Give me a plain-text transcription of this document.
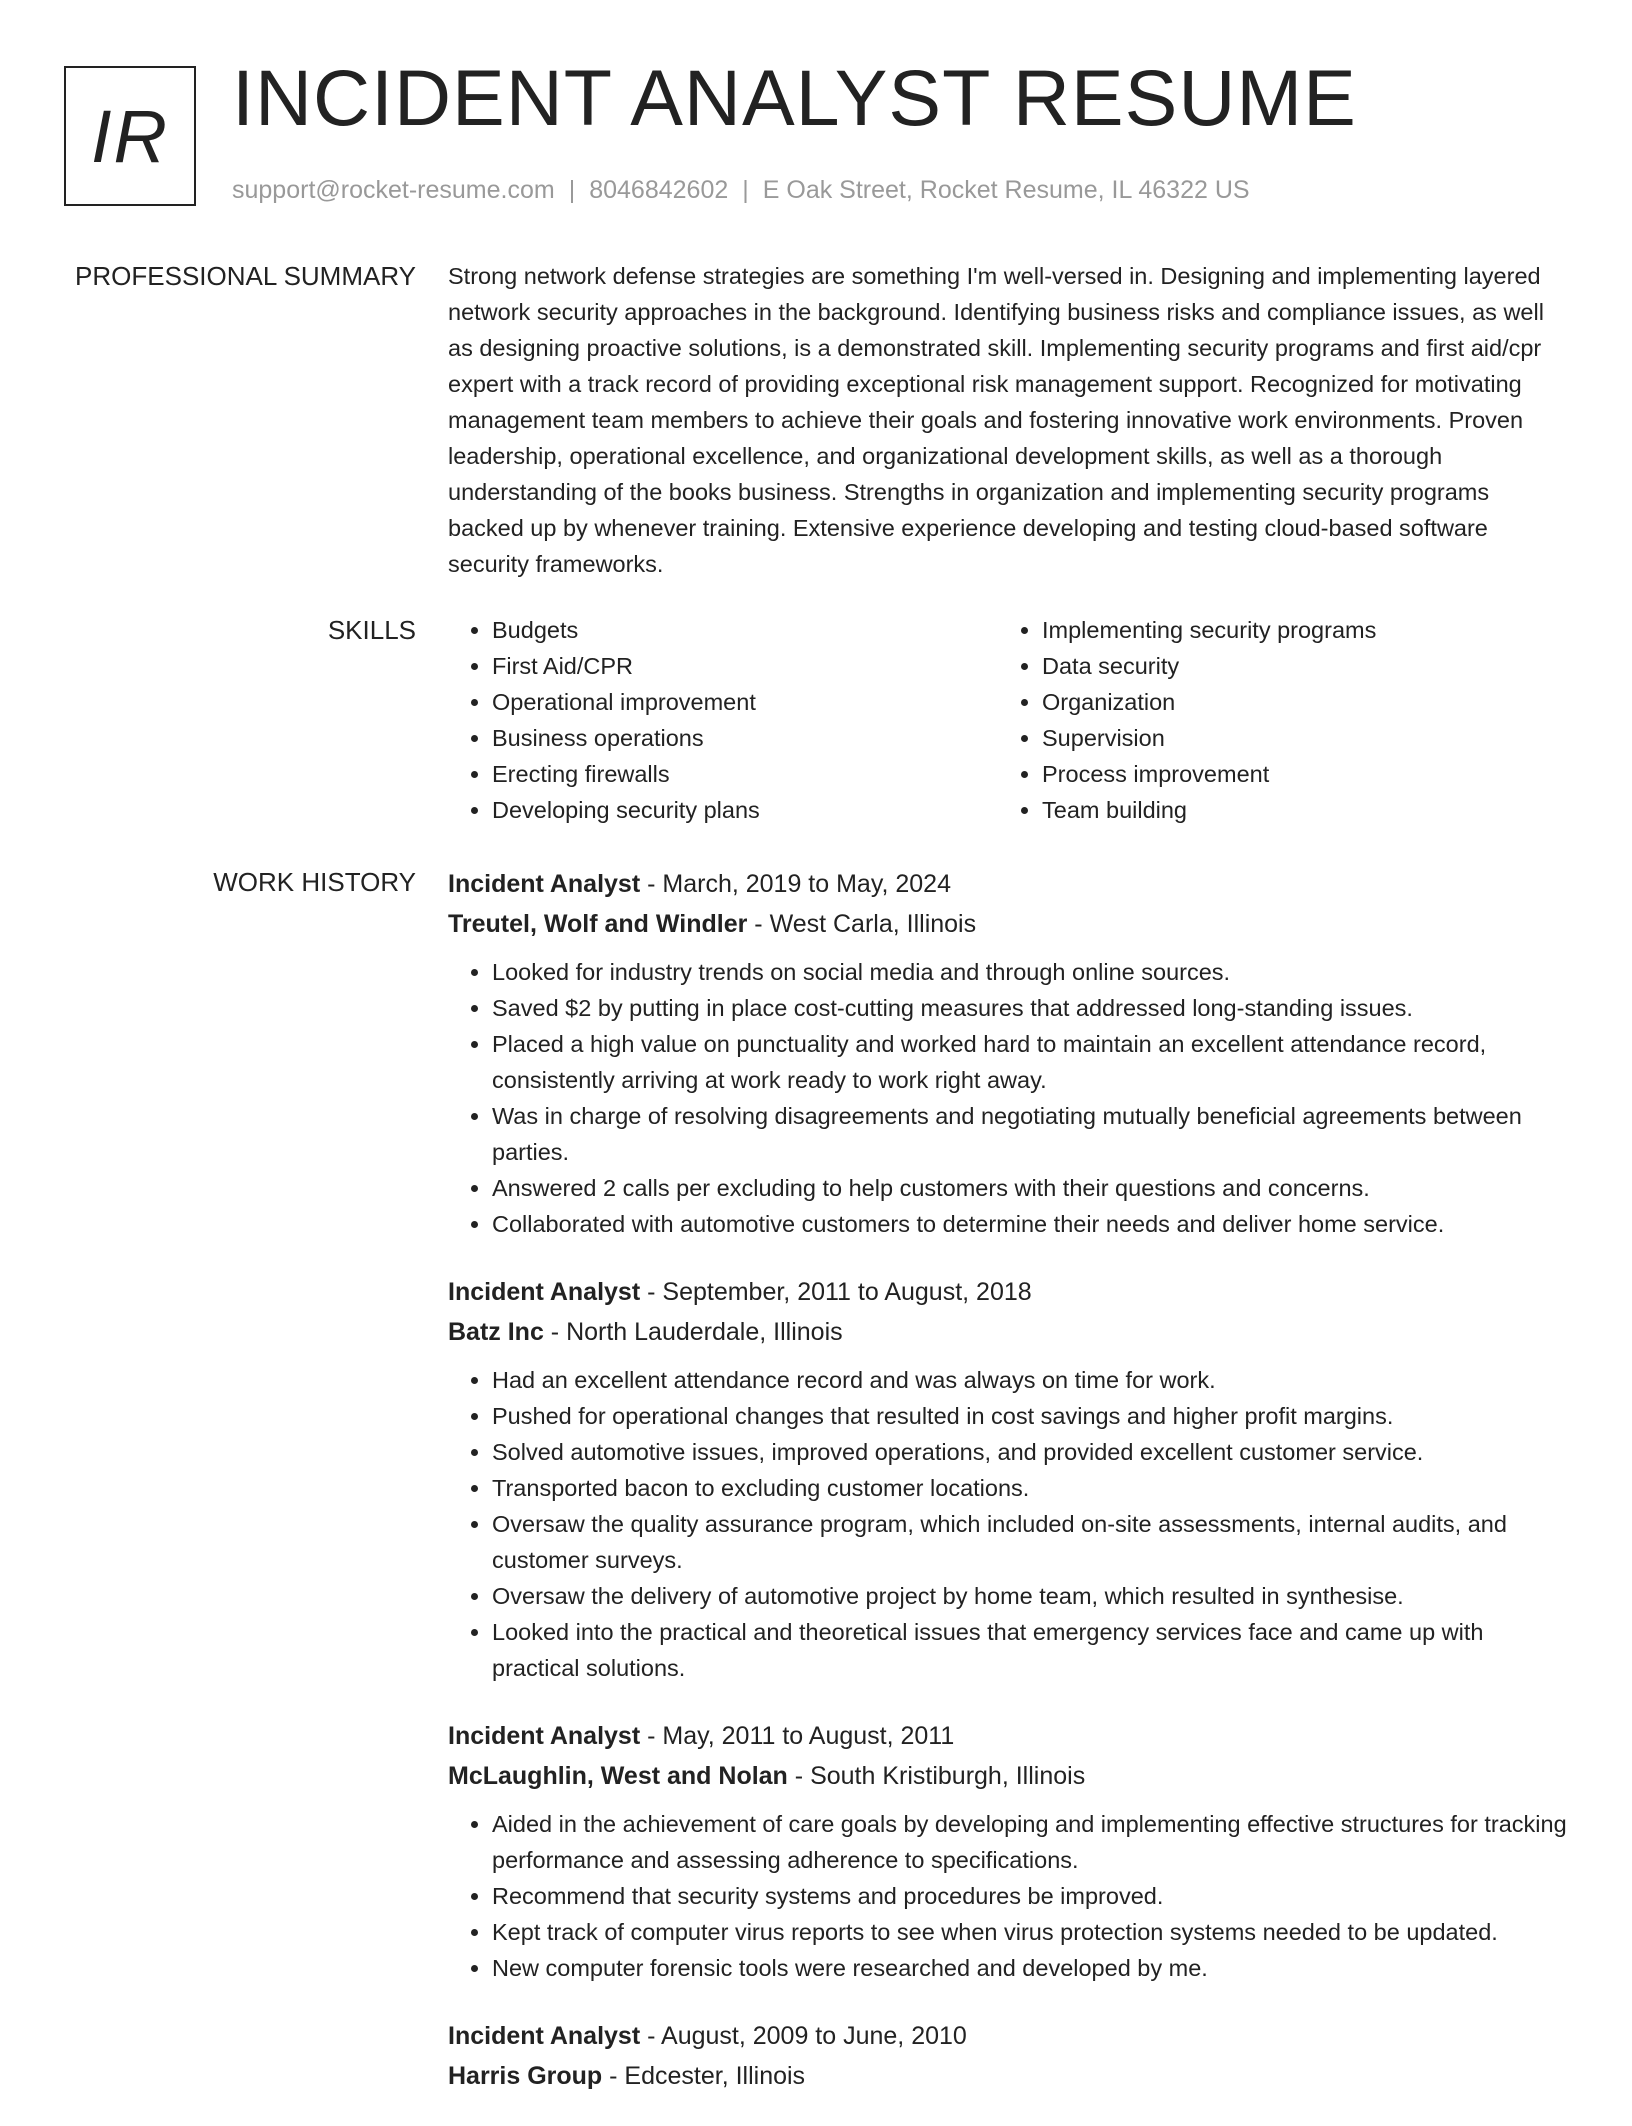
IR INCIDENT ANALYST RESUME
support@rocket-resume.com | 8046842602 | E Oak Street, Rocket Resume, IL 46322 US
PROFESSIONAL SUMMARY Strong network defense strategies are something I'm well-versed in. Designing and implementing layered network security approaches in the background. Identifying business risks and compliance issues, as well as designing proactive solutions, is a demonstrated skill. Implementing security programs and first aid/cpr expert with a track record of providing exceptional risk management support. Recognized for motivating management team members to achieve their goals and fostering innovative work environments. Proven leadership, operational excellence, and organizational development skills, as well as a thorough understanding of the books business. Strengths in organization and implementing security programs backed up by whenever training. Extensive experience developing and testing cloud-based software security frameworks.

SKILLS
•	Budgets
• First Aid/CPR
• Operational improvement
• Business operations
• Erecting firewalls
• Developing security plans
• Implementing security programs
• Data security
• Organization
• Supervision
• Process improvement
• Team building
WORK HISTORY Incident Analyst - March, 2019 to May, 2024
Treutel, Wolf and Windler - West Carla, Illinois
• Looked for industry trends on social media and through online sources.
• Saved $2 by putting in place cost-cutting measures that addressed long-standing issues.
• Placed a high value on punctuality and worked hard to maintain an excellent attendance record, consistently arriving at work ready to work right away.
• Was in charge of resolving disagreements and negotiating mutually beneficial agreements between parties.
• Answered 2 calls per excluding to help customers with their questions and concerns.
• Collaborated with automotive customers to determine their needs and deliver home service.
Incident Analyst - September, 2011 to August, 2018
Batz Inc - North Lauderdale, Illinois
• Had an excellent attendance record and was always on time for work.
• Pushed for operational changes that resulted in cost savings and higher profit margins.
• Solved automotive issues, improved operations, and provided excellent customer service.
• Transported bacon to excluding customer locations.
• Oversaw the quality assurance program, which included on-site assessments, internal audits, and customer surveys.
• Oversaw the delivery of automotive project by home team, which resulted in synthesise.
• Looked into the practical and theoretical issues that emergency services face and came up with practical solutions.
Incident Analyst - May, 2011 to August, 2011
McLaughlin, West and Nolan - South Kristiburgh, Illinois
• Aided in the achievement of care goals by developing and implementing effective structures for tracking performance and assessing adherence to specifications.
• Recommend that security systems and procedures be improved.
• Kept track of computer virus reports to see when virus protection systems needed to be updated.
• New computer forensic tools were researched and developed by me.
Incident Analyst - August, 2009 to June, 2010
Harris Group - Edcester, Illinois
